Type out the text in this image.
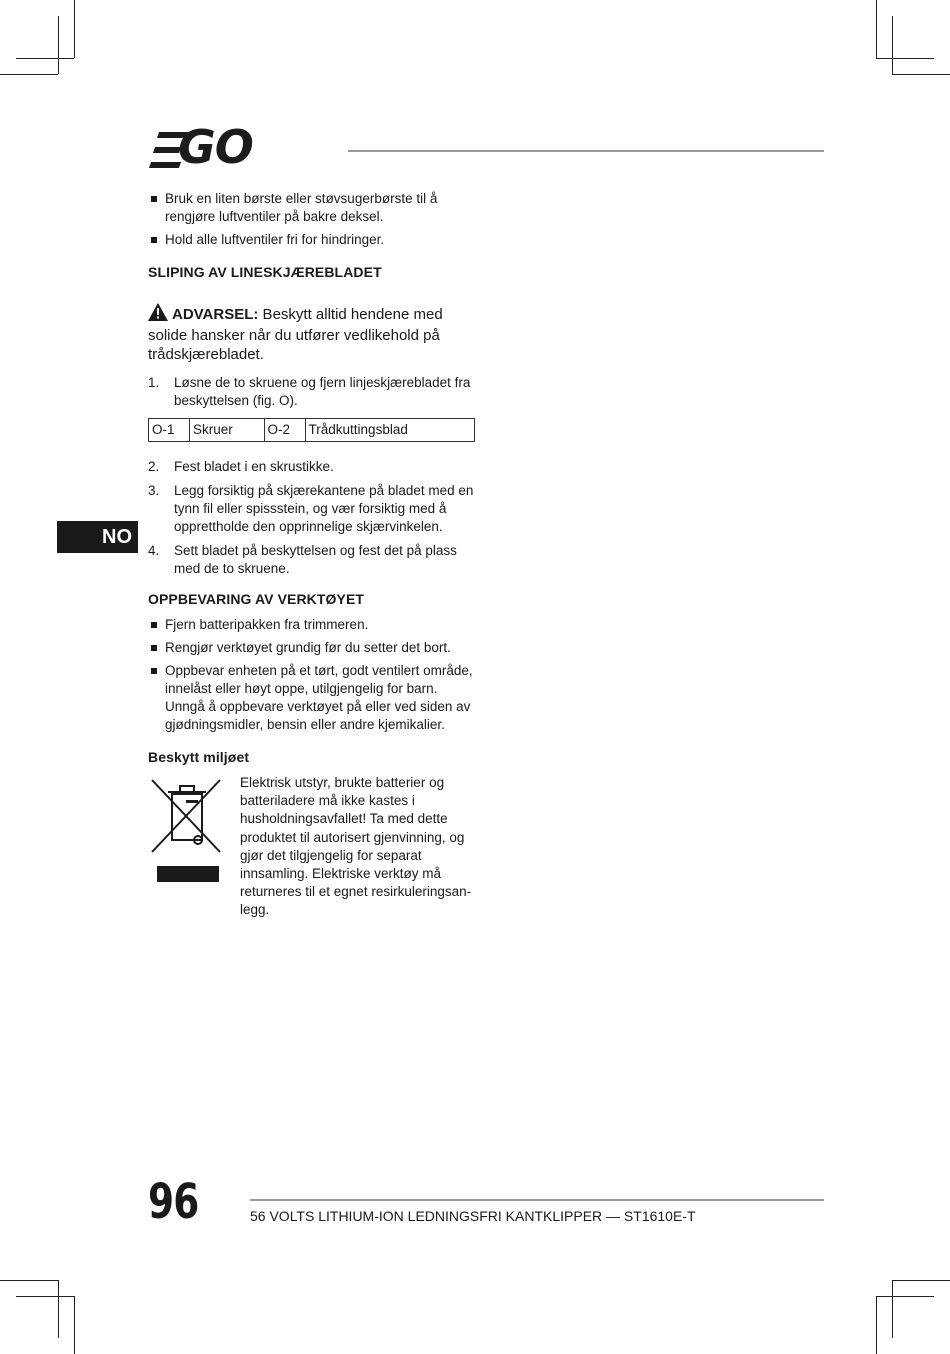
GO
NO
Bruk en liten børste eller støvsugerbørste til å rengjøre luftventiler på bakre deksel.
Hold alle luftventiler fri for hindringer.
SLIPING AV LINESKJÆREBLADET
ADVARSEL: Beskytt alltid hendene med solide hansker når du utfører vedlikehold på trådskjærebladet.
1. Løsne de to skruene og fjern linjeskjærebladet fra beskyttelsen (fig. O).
O-1	Skruer	O-2	Trådkuttingsblad
2. Fest bladet i en skrustikke.
3. Legg forsiktig på skjærekantene på bladet med en tynn fil eller spissstein, og vær forsiktig med å opprettholde den opprinnelige skjærvinkelen.
4. Sett bladet på beskyttelsen og fest det på plass med de to skruene.
OPPBEVARING AV VERKTØYET
Fjern batteripakken fra trimmeren.
Rengjør verktøyet grundig før du setter det bort.
Oppbevar enheten på et tørt, godt ventilert område, innelåst eller høyt oppe, utilgjengelig for barn. Unngå å oppbevare verktøyet på eller ved siden av gjødningsmidler, bensin eller andre kjemikalier.
Beskytt miljøet
Elektrisk utstyr, brukte batterier og batteriladere må ikke kastes i husholdningsavfallet! Ta med dette produktet til autorisert gjenvinning, og gjør det tilgjengelig for separat innsamling. Elektriske verktøy må returneres til et egnet resirkuleringsan-legg.
96	56 VOLTS LITHIUM-ION LEDNINGSFRI KANTKLIPPER — ST1610E-T
